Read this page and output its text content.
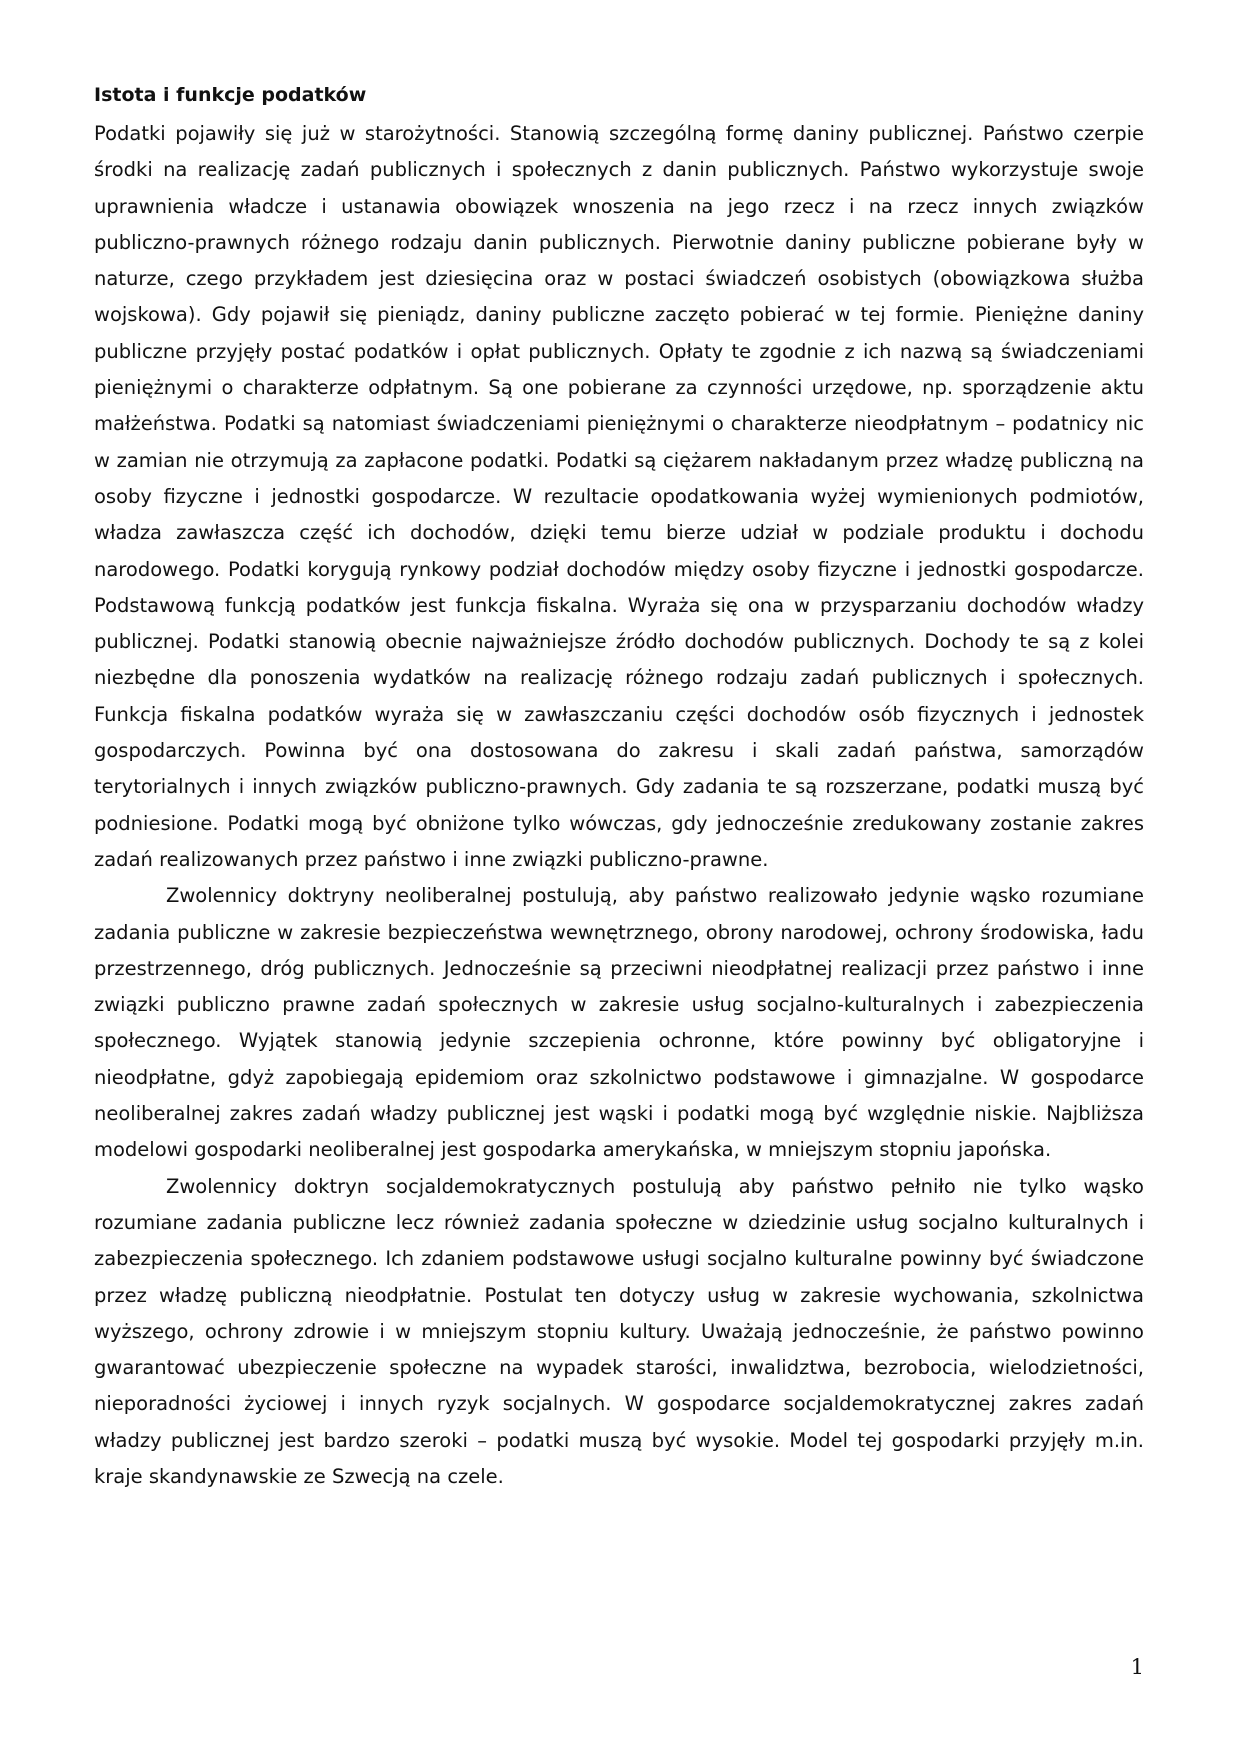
Istota i funkcje podatków

Podatki pojawiły się już w starożytności. Stanowią szczególną formę daniny publicznej. Państwo czerpie środki na realizację zadań publicznych i społecznych z danin publicznych. Państwo wykorzystuje swoje uprawnienia władcze i ustanawia obowiązek wnoszenia na jego rzecz i na rzecz innych związków publiczno-prawnych różnego rodzaju danin publicznych. Pierwotnie daniny publiczne pobierane były w naturze, czego przykładem jest dziesięcina oraz w postaci świadczeń osobistych (obowiązkowa służba wojskowa). Gdy pojawił się pieniądz, daniny publiczne zaczęto pobierać w tej formie. Pieniężne daniny publiczne przyjęły postać podatków i opłat publicznych. Opłaty te zgodnie z ich nazwą są świadczeniami pieniężnymi o charakterze odpłatnym. Są one pobierane za czynności urzędowe, np. sporządzenie aktu małżeństwa. Podatki są natomiast świadczeniami pieniężnymi o charakterze nieodpłatnym – podatnicy nic w zamian nie otrzymują za zapłacone podatki. Podatki są ciężarem nakładanym przez władzę publiczną na osoby fizyczne i jednostki gospodarcze. W rezultacie opodatkowania wyżej wymienionych podmiotów, władza zawłaszcza część ich dochodów, dzięki temu bierze udział w podziale produktu i dochodu narodowego. Podatki korygują rynkowy podział dochodów między osoby fizyczne i jednostki gospodarcze. Podstawową funkcją podatków jest funkcja fiskalna. Wyraża się ona w przysparzaniu dochodów władzy publicznej. Podatki stanowią obecnie najważniejsze źródło dochodów publicznych. Dochody te są z kolei niezbędne dla ponoszenia wydatków na realizację różnego rodzaju zadań publicznych i społecznych. Funkcja fiskalna podatków wyraża się w zawłaszczaniu części dochodów osób fizycznych i jednostek gospodarczych. Powinna być ona dostosowana do zakresu i skali zadań państwa, samorządów terytorialnych i innych związków publiczno-prawnych. Gdy zadania te są rozszerzane, podatki muszą być podniesione. Podatki mogą być obniżone tylko wówczas, gdy jednocześnie zredukowany zostanie zakres zadań realizowanych przez państwo i inne związki publiczno-prawne.

Zwolennicy doktryny neoliberalnej postulują, aby państwo realizowało jedynie wąsko rozumiane zadania publiczne w zakresie bezpieczeństwa wewnętrznego, obrony narodowej, ochrony środowiska, ładu przestrzennego, dróg publicznych. Jednocześnie są przeciwni nieodpłatnej realizacji przez państwo i inne związki publiczno prawne zadań społecznych w zakresie usług socjalno-kulturalnych i zabezpieczenia społecznego. Wyjątek stanowią jedynie szczepienia ochronne, które powinny być obligatoryjne i nieodpłatne, gdyż zapobiegają epidemiom oraz szkolnictwo podstawowe i gimnazjalne. W gospodarce neoliberalnej zakres zadań władzy publicznej jest wąski i podatki mogą być względnie niskie. Najbliższa modelowi gospodarki neoliberalnej jest gospodarka amerykańska, w mniejszym stopniu japońska.

Zwolennicy doktryn socjaldemokratycznych postulują aby państwo pełniło nie tylko wąsko rozumiane zadania publiczne lecz również zadania społeczne w dziedzinie usług socjalno kulturalnych i zabezpieczenia społecznego. Ich zdaniem podstawowe usługi socjalno kulturalne powinny być świadczone przez władzę publiczną nieodpłatnie. Postulat ten dotyczy usług w zakresie wychowania, szkolnictwa wyższego, ochrony zdrowie i w mniejszym stopniu kultury. Uważają jednocześnie, że państwo powinno gwarantować ubezpieczenie społeczne na wypadek starości, inwalidztwa, bezrobocia, wielodzietności, nieporadności życiowej i innych ryzyk socjalnych. W gospodarce socjaldemokratycznej zakres zadań władzy publicznej jest bardzo szeroki – podatki muszą być wysokie. Model tej gospodarki przyjęły m.in. kraje skandynawskie ze Szwecją na czele.

1
